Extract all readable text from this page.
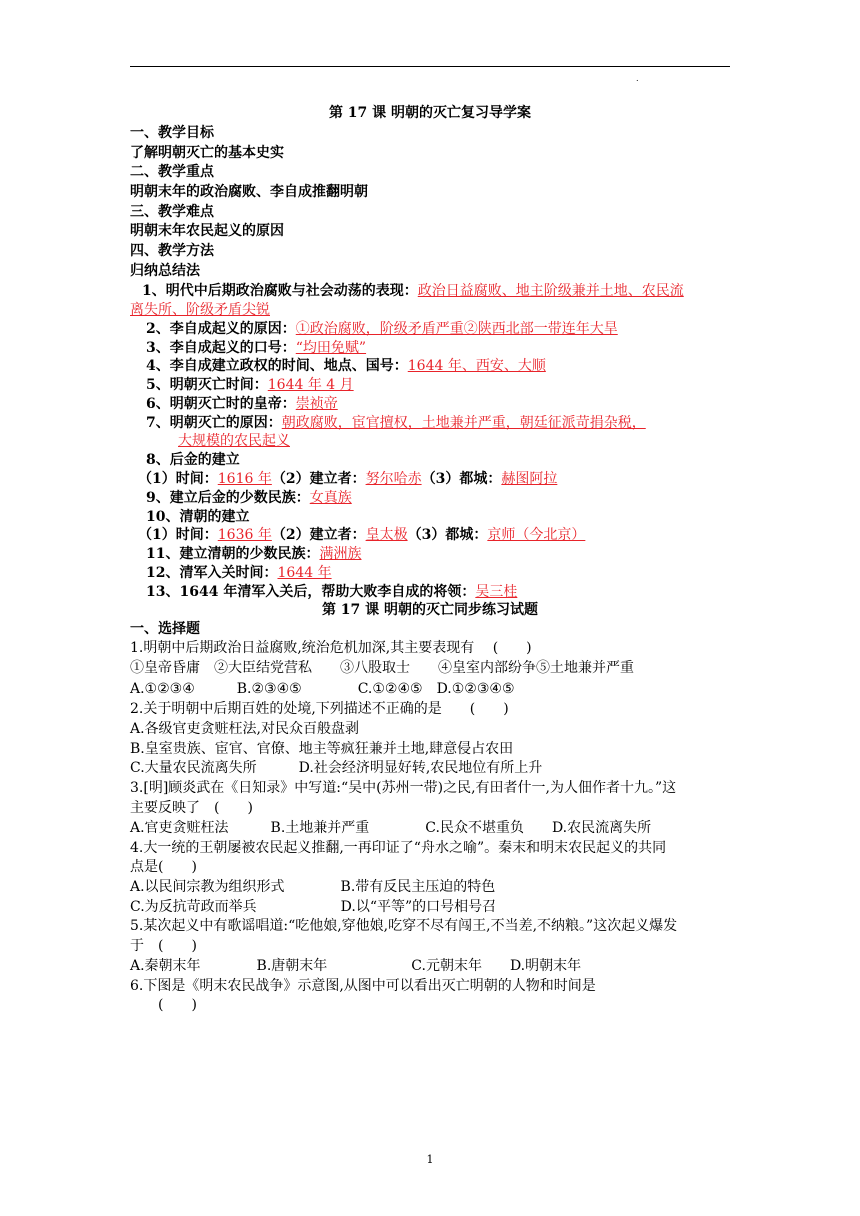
.
第 17 课 明朝的灭亡复习导学案
一、教学目标
了解明朝灭亡的基本史实
二、教学重点
明朝末年的政治腐败、李自成推翻明朝
三、教学难点
明朝末年农民起义的原因
四、教学方法
归纳总结法
1、明代中后期政治腐败与社会动荡的表现：政治日益腐败、地主阶级兼并土地、农民流
离失所、阶级矛盾尖锐
2、李自成起义的原因：①政治腐败，阶级矛盾严重②陕西北部一带连年大旱
3、李自成起义的口号：“均田免赋”
4、李自成建立政权的时间、地点、国号：1644 年、西安、大顺
5、明朝灭亡时间：1644 年 4 月
6、明朝灭亡时的皇帝：崇祯帝
7、明朝灭亡的原因：朝政腐败，宦官擅权，土地兼并严重，朝廷征派苛捐杂税，
大规模的农民起义
8、后金的建立
（1）时间：1616 年（2）建立者：努尔哈赤（3）都城：赫图阿拉
9、建立后金的少数民族：女真族
10、清朝的建立
（1）时间：1636 年（2）建立者：皇太极（3）都城：京师（今北京）
11、建立清朝的少数民族：满洲族
12、清军入关时间：1644 年
13、1644 年清军入关后，帮助大败李自成的将领：吴三桂
第 17 课 明朝的灭亡同步练习试题
一、选择题
1.明朝中后期政治日益腐败,统治危机加深,其主要表现有　 (　　)
①皇帝昏庸　②大臣结党营私　　③八股取士　　④皇室内部纷争⑤土地兼并严重
A.①②③④　　　B.②③④⑤　　　　C.①②④⑤　D.①②③④⑤
2.关于明朝中后期百姓的处境,下列描述不正确的是　　(　　)
A.各级官吏贪赃枉法,对民众百般盘剥
B.皇室贵族、宦官、官僚、地主等疯狂兼并土地,肆意侵占农田
C.大量农民流离失所　　　D.社会经济明显好转,农民地位有所上升
3.[明]顾炎武在《日知录》中写道:“吴中(苏州一带)之民,有田者什一,为人佃作者十九。”这
主要反映了　(　　)
A.官吏贪赃枉法　　　B.土地兼并严重　　　　C.民众不堪重负　　D.农民流离失所
4.大一统的王朝屡被农民起义推翻,一再印证了“舟水之喻”。秦末和明末农民起义的共同
点是(　　)
A.以民间宗教为组织形式　　　　B.带有反民主压迫的特色
C.为反抗苛政而举兵　　　　　　D.以“平等”的口号相号召
5.某次起义中有歌谣唱道:“吃他娘,穿他娘,吃穿不尽有闯王,不当差,不纳粮。”这次起义爆发
于　(　　)
A.秦朝末年　　　　B.唐朝末年　　　　　　C.元朝末年　　D.明朝末年
6.下图是《明末农民战争》示意图,从图中可以看出灭亡明朝的人物和时间是
　　(　　)
1
